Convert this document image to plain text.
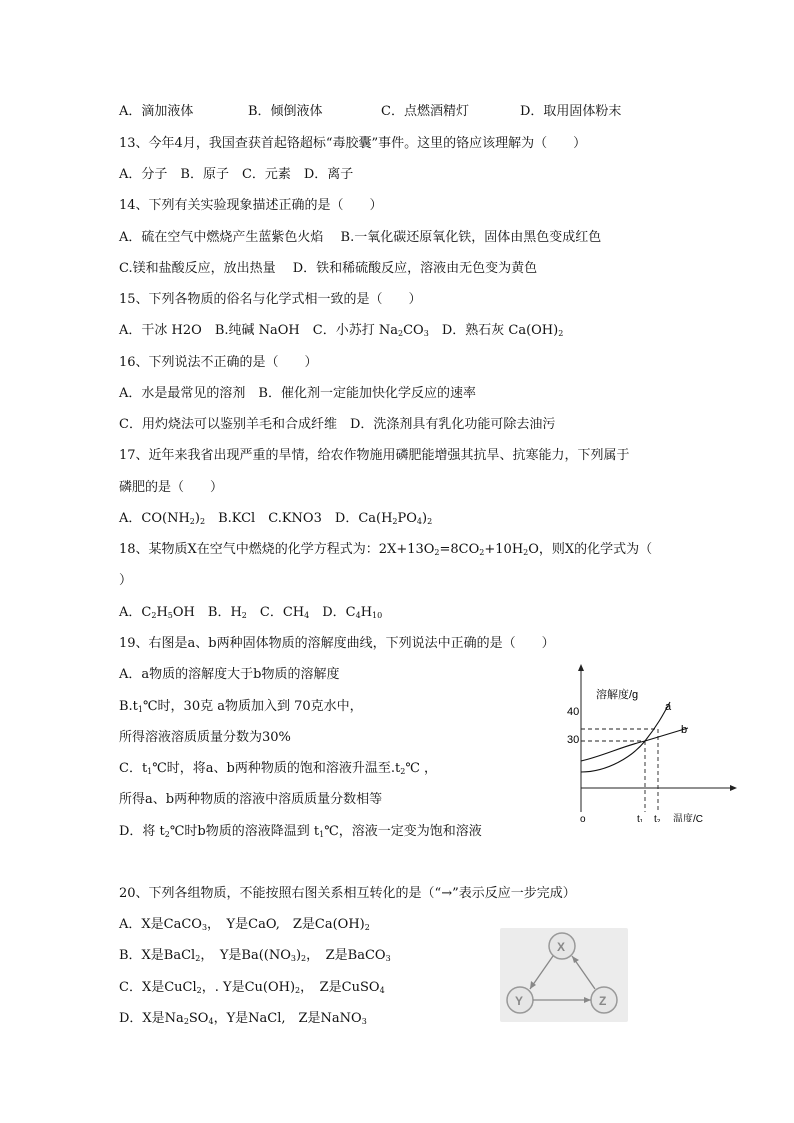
A．滴加液体	B．倾倒液体	C．点燃酒精灯	D．取用固体粉末
13、今年4月，我国查获首起铬超标“毒胶囊”事件。这里的铬应该理解为（　　）
A．分子　B．原子　C．元素　D．离子
14、下列有关实验现象描述正确的是（　　）
A．硫在空气中燃烧产生蓝紫色火焰　 B.一氧化碳还原氧化铁，固体由黑色变成红色
C.镁和盐酸反应，放出热量　 D．铁和稀硫酸反应，溶液由无色变为黄色
15、下列各物质的俗名与化学式相一致的是（　　）
A．干冰 H2O　 B.纯碱 NaOH　 C．小苏打 $Na_2CO_3$　 D．熟石灰 $Ca(OH)_2$
16、下列说法不正确的是（　　）
A．水是最常见的溶剂　B．催化剂一定能加快化学反应的速率
C．用灼烧法可以鉴别羊毛和合成纤维　D．洗涤剂具有乳化功能可除去油污
17、近年来我省出现严重的旱情，给农作物施用磷肥能增强其抗旱、抗寒能力，下列属于
磷肥的是（　　）
A．$CO(NH_2)_2$　 B.KCl　 C.KNO3　 D．$Ca(H_2PO_4)_2$
18、某物质X在空气中燃烧的化学方程式为：$2X+13O_2=8CO_2+10H_2O$，则X的化学式为（
）
A．$C_2H_5OH$　 B．$H_2$　 C．$CH_4$　 D．$C_4H_{10}$
19、右图是a、b两种固体物质的溶解度曲线，下列说法中正确的是（　　）
A．a物质的溶解度大于b物质的溶解度
$B.t_1℃$时，30克 a物质加入到 70克水中，
所得溶液溶质质量分数为30%
C．$t_1℃$时，将a、b两种物质的饱和溶液升温至$.t_2℃$ ，
所得a、b两种物质的溶液中溶质质量分数相等
D．将 $t_2℃$时b物质的溶液降温到 $t_1℃$，溶液一定变为饱和溶液
溶解度/g
40
30
a
b
o	t₁ t₂ 温度/C
20、下列各组物质，不能按照右图关系相互转化的是（“→”表示反应一步完成）
A．X是CaCO$_3$，　Y是CaO,　Z是$Ca(OH)_2$
B．X是BaCl$_2$，　Y是$Ba((NO_3)_2$，　Z是BaCO$_3$
C．X是CuCl$_2$，. Y是$Cu(OH)_2$，　Z是CuSO$_4$
D．X是$Na_2SO_4$，Y是NaCl,　Z是NaNO$_3$
X
Y	Z
